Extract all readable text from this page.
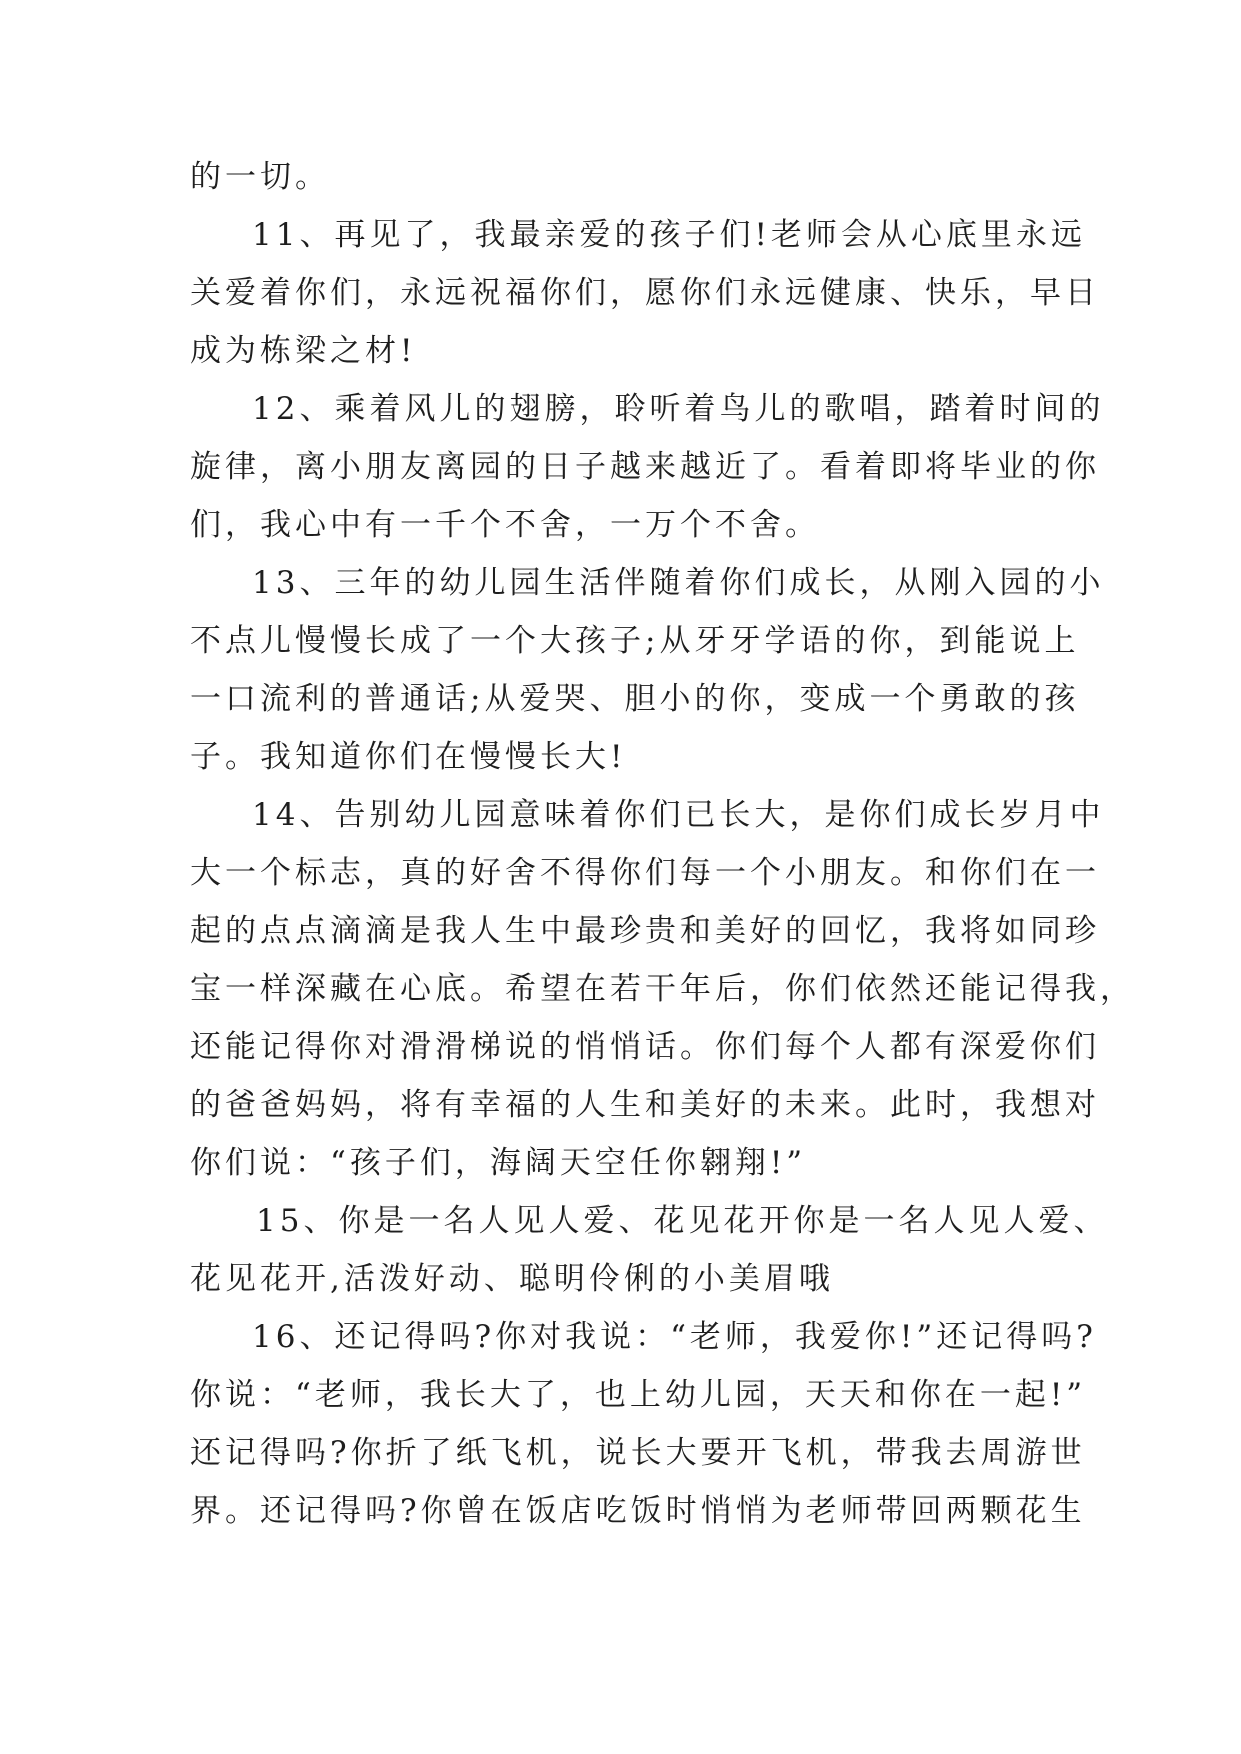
的一切。

11、再见了，我最亲爱的孩子们!老师会从心底里永远
关爱着你们，永远祝福你们，愿你们永远健康、快乐，早日
成为栋梁之材!

12、乘着风儿的翅膀，聆听着鸟儿的歌唱，踏着时间的
旋律，离小朋友离园的日子越来越近了。看着即将毕业的你
们，我心中有一千个不舍，一万个不舍。

13、三年的幼儿园生活伴随着你们成长，从刚入园的小
不点儿慢慢长成了一个大孩子;从牙牙学语的你，到能说上
一口流利的普通话;从爱哭、胆小的你，变成一个勇敢的孩
子。我知道你们在慢慢长大!

14、告别幼儿园意味着你们已长大，是你们成长岁月中
大一个标志，真的好舍不得你们每一个小朋友。和你们在一
起的点点滴滴是我人生中最珍贵和美好的回忆，我将如同珍
宝一样深藏在心底。希望在若干年后，你们依然还能记得我，
还能记得你对滑滑梯说的悄悄话。你们每个人都有深爱你们
的爸爸妈妈，将有幸福的人生和美好的未来。此时，我想对
你们说：“孩子们，海阔天空任你翱翔!”

15、你是一名人见人爱、花见花开你是一名人见人爱、
花见花开,活泼好动、聪明伶俐的小美眉哦

16、还记得吗?你对我说：“老师，我爱你!”还记得吗?
你说：“老师，我长大了，也上幼儿园，天天和你在一起!”
还记得吗?你折了纸飞机，说长大要开飞机，带我去周游世
界。还记得吗?你曾在饭店吃饭时悄悄为老师带回两颗花生
